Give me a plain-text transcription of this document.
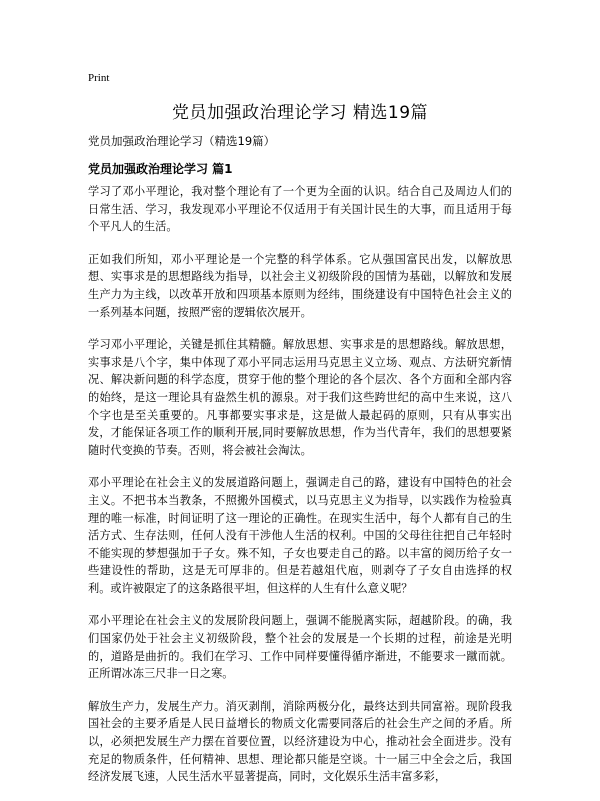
Print
党员加强政治理论学习 精选19篇
党员加强政治理论学习（精选19篇）
党员加强政治理论学习 篇1

学习了邓小平理论，我对整个理论有了一个更为全面的认识。结合自己及周边人们的日常生活、学习，我发现邓小平理论不仅适用于有关国计民生的大事，而且适用于每个平凡人的生活。

正如我们所知，邓小平理论是一个完整的科学体系。它从强国富民出发，以解放思想、实事求是的思想路线为指导，以社会主义初级阶段的国情为基础，以解放和发展生产力为主线，以改革开放和四项基本原则为经纬，围绕建设有中国特色社会主义的一系列基本问题，按照严密的逻辑依次展开。

学习邓小平理论，关键是抓住其精髓。解放思想、实事求是的思想路线。解放思想，实事求是八个字，集中体现了邓小平同志运用马克思主义立场、观点、方法研究新情况、解决新问题的科学态度，贯穿于他的整个理论的各个层次、各个方面和全部内容的始终，是这一理论具有盎然生机的源泉。对于我们这些跨世纪的高中生来说，这八个字也是至关重要的。凡事都要实事求是，这是做人最起码的原则，只有从事实出发，才能保证各项工作的顺利开展,同时要解放思想，作为当代青年，我们的思想要紧随时代变换的节奏。否则，将会被社会淘汰。

邓小平理论在社会主义的发展道路问题上，强调走自己的路，建设有中国特色的社会主义。不把书本当教条，不照搬外国模式，以马克思主义为指导，以实践作为检验真理的唯一标准，时间证明了这一理论的正确性。在现实生活中，每个人都有自己的生活方式、生存法则，任何人没有干涉他人生活的权利。中国的父母往往把自己年轻时不能实现的梦想强加于子女。殊不知，子女也要走自己的路。以丰富的阅历给子女一些建设性的帮助，这是无可厚非的。但是若越俎代庖，则剥夺了子女自由选择的权利。或许被限定了的这条路很平坦，但这样的人生有什么意义呢？

邓小平理论在社会主义的发展阶段问题上，强调不能脱离实际，超越阶段。的确，我们国家仍处于社会主义初级阶段，整个社会的发展是一个长期的过程，前途是光明的，道路是曲折的。我们在学习、工作中同样要懂得循序渐进，不能要求一蹴而就。正所谓冰冻三尺非一日之寒。

解放生产力，发展生产力。消灭剥削，消除两极分化，最终达到共同富裕。现阶段我国社会的主要矛盾是人民日益增长的物质文化需要同落后的社会生产之间的矛盾。所以，必须把发展生产力摆在首要位置，以经济建设为中心，推动社会全面进步。没有充足的物质条件，任何精神、思想、理论都只能是空谈。十一届三中全会之后，我国经济发展飞速，人民生活水平显著提高，同时，文化娱乐生活丰富多彩，
